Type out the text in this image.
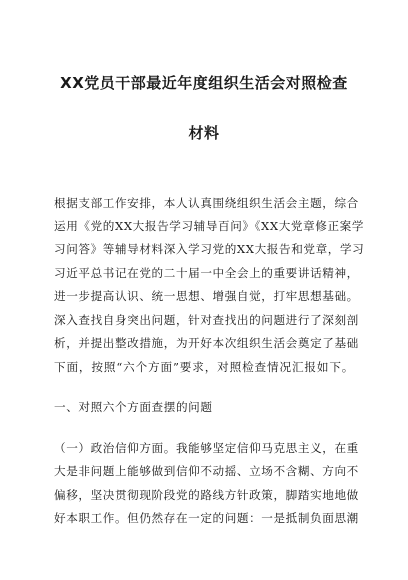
XX党员干部最近年度组织生活会对照检查
材料
根据支部工作安排，本人认真围绕组织生活会主题，综合
运用《党的XX大报告学习辅导百问》《XX大党章修正案学
习问答》等辅导材料深入学习党的XX大报告和党章，学习
习近平总书记在党的二十届一中全会上的重要讲话精神，
进一步提高认识、统一思想、增强自觉，打牢思想基础。
深入查找自身突出问题，针对查找出的问题进行了深刻剖
析，并提出整改措施，为开好本次组织生活会奠定了基础
下面，按照“六个方面”要求，对照检查情况汇报如下。
一、对照六个方面查摆的问题
（一）政治信仰方面。我能够坚定信仰马克思主义，在重
大是非问题上能够做到信仰不动摇、立场不含糊、方向不
偏移，坚决贯彻现阶段党的路线方针政策，脚踏实地地做
好本职工作。但仍然存在一定的问题：一是抵制负面思潮
